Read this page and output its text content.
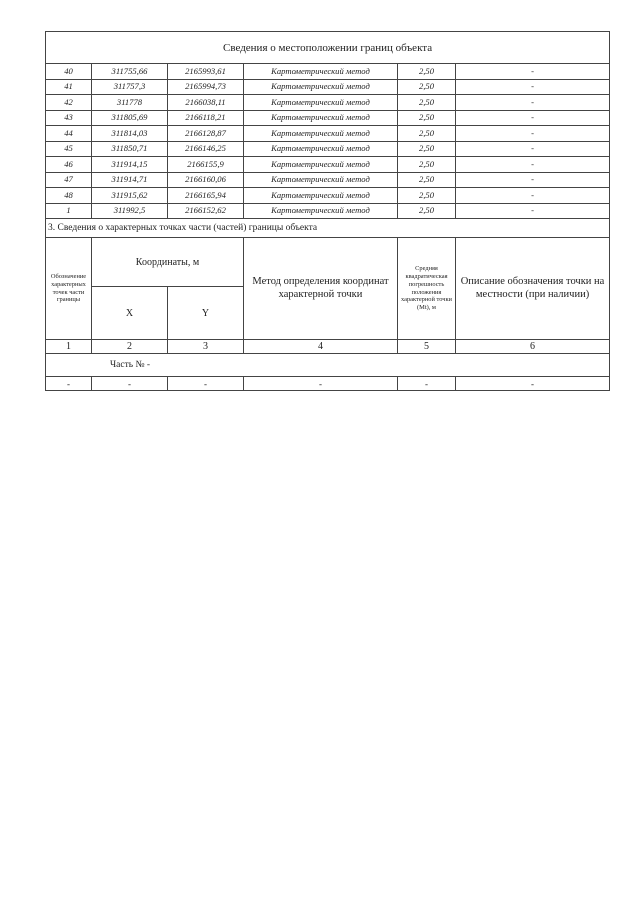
Сведения о местоположении границ объекта					
40	311755,66	2165993,61	Картометрический метод	2,50	-
41	311757,3	2165994,73	Картометрический метод	2,50	-
42	311778	2166038,11	Картометрический метод	2,50	-
43	311805,69	2166118,21	Картометрический метод	2,50	-
44	311814,03	2166128,87	Картометрический метод	2,50	-
45	311850,71	2166146,25	Картометрический метод	2,50	-
46	311914,15	2166155,9	Картометрический метод	2,50	-
47	311914,71	2166160,06	Картометрический метод	2,50	-
48	311915,62	2166165,94	Картометрический метод	2,50	-
1	311992,5	2166152,62	Картометрический метод	2,50	-
3. Сведения о характерных точках части (частей) границы объекта					
Обозначение характерных точек части границы	Координаты, м		Метод определения координат характерной точки	Средняя квадратическая погрешность положения характерной точки (Мt), м	Описание обозначения точки на местности (при наличии)
	X	Y			
1	2	3	4	5	6
Часть № -					
-	-	-	-	-	-
